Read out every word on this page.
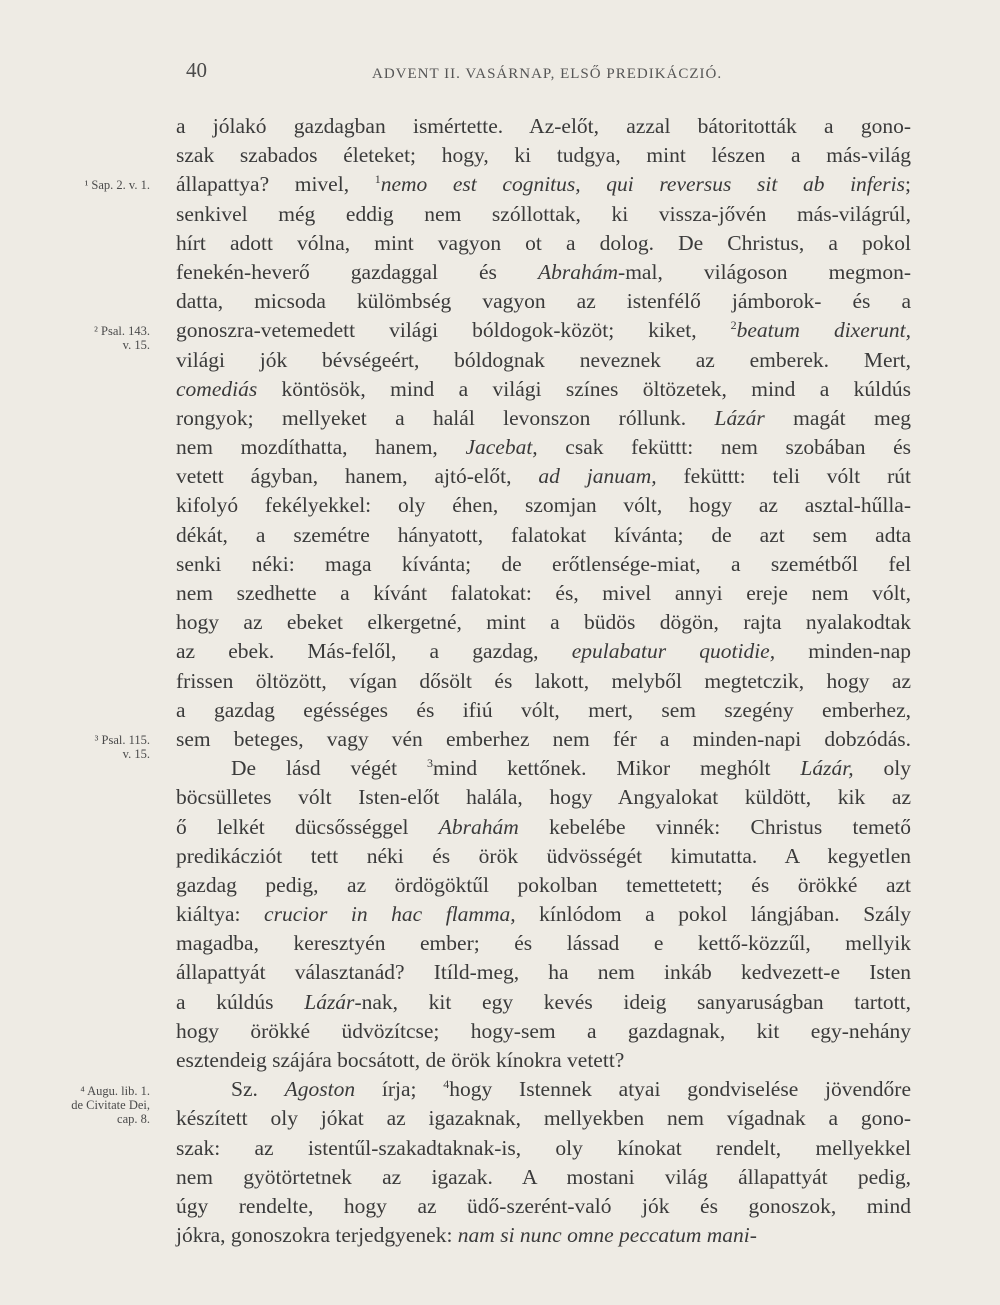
40	ADVENT II. VASÁRNAP, ELSŐ PREDIKÁCZIÓ.
¹ Sap. 2. v. 1.
² Psal. 143.
v. 15.
³ Psal. 115.
v. 15.
⁴ Augu. lib. 1.
de Civitate Dei,
cap. 8.
a jólakó gazdagban ismértette. Az-előt, azzal bátoritották a gono-
szak szabados életeket; hogy, ki tudgya, mint lészen a más-világ
állapattya? mivel, $^1$nemo est cognitus, qui reversus sit ab inferis;
senkivel még eddig nem szóllottak, ki vissza-jővén más-világrúl,
hírt adott vólna, mint vagyon ot a dolog. De Christus, a pokol
fenekén-heverő gazdaggal és Abrahám-mal, világoson megmon-
datta, micsoda külömbség vagyon az istenfélő jámborok- és a
gonoszra-vetemedett világi bóldogok-közöt; kiket, $^2$beatum dixerunt,
világi jók bévségeért, bóldognak neveznek az emberek. Mert,
comediás köntösök, mind a világi színes öltözetek, mind a kúldús
rongyok; mellyeket a halál levonszon róllunk. Lázár magát meg
nem mozdíthatta, hanem, Jacebat, csak feküttt: nem szobában és
vetett ágyban, hanem, ajtó-előt, ad januam, feküttt: teli vólt rút
kifolyó fekélyekkel: oly éhen, szomjan vólt, hogy az asztal-hűlla-
dékát, a szemétre hányatott, falatokat kívánta; de azt sem adta
senki néki: maga kívánta; de erőtlensége-miat, a szemétből fel
nem szedhette a kívánt falatokat: és, mivel annyi ereje nem vólt,
hogy az ebeket elkergetné, mint a büdös dögön, rajta nyalakodtak
az ebek. Más-felől, a gazdag, epulabatur quotidie, minden-nap
frissen öltözött, vígan dősölt és lakott, melyből megtetczik, hogy az
a gazdag egésséges és ifiú vólt, mert, sem szegény emberhez,
sem beteges, vagy vén emberhez nem fér a minden-napi dobzódás.
De lásd végét $^3$mind kettőnek. Mikor meghólt Lázár, oly
böcsülletes vólt Isten-előt halála, hogy Angyalokat küldött, kik az
ő lelkét dücsősséggel Abrahám kebelébe vinnék: Christus temető
predikácziót tett néki és örök üdvösségét kimutatta. A kegyetlen
gazdag pedig, az ördögöktűl pokolban temettetett; és örökké azt
kiáltya: crucior in hac flamma, kínlódom a pokol lángjában. Szály
magadba, keresztyén ember; és lássad e kettő-közzűl, mellyik
állapattyát választanád? Itíld-meg, ha nem inkáb kedvezett-e Isten
a kúldús Lázár-nak, kit egy kevés ideig sanyaruságban tartott,
hogy örökké üdvözítcse; hogy-sem a gazdagnak, kit egy-nehány
esztendeig szájára bocsátott, de örök kínokra vetett?
Sz. Agoston írja; $^4$hogy Istennek atyai gondviselése jövendőre
készített oly jókat az igazaknak, mellyekben nem vígadnak a gono-
szak: az istentűl-szakadtaknak-is, oly kínokat rendelt, mellyekkel
nem gyötörtetnek az igazak. A mostani világ állapattyát pedig,
úgy rendelte, hogy az üdő-szerént-való jók és gonoszok, mind
jókra, gonoszokra terjedgyenek: nam si nunc omne peccatum mani-
